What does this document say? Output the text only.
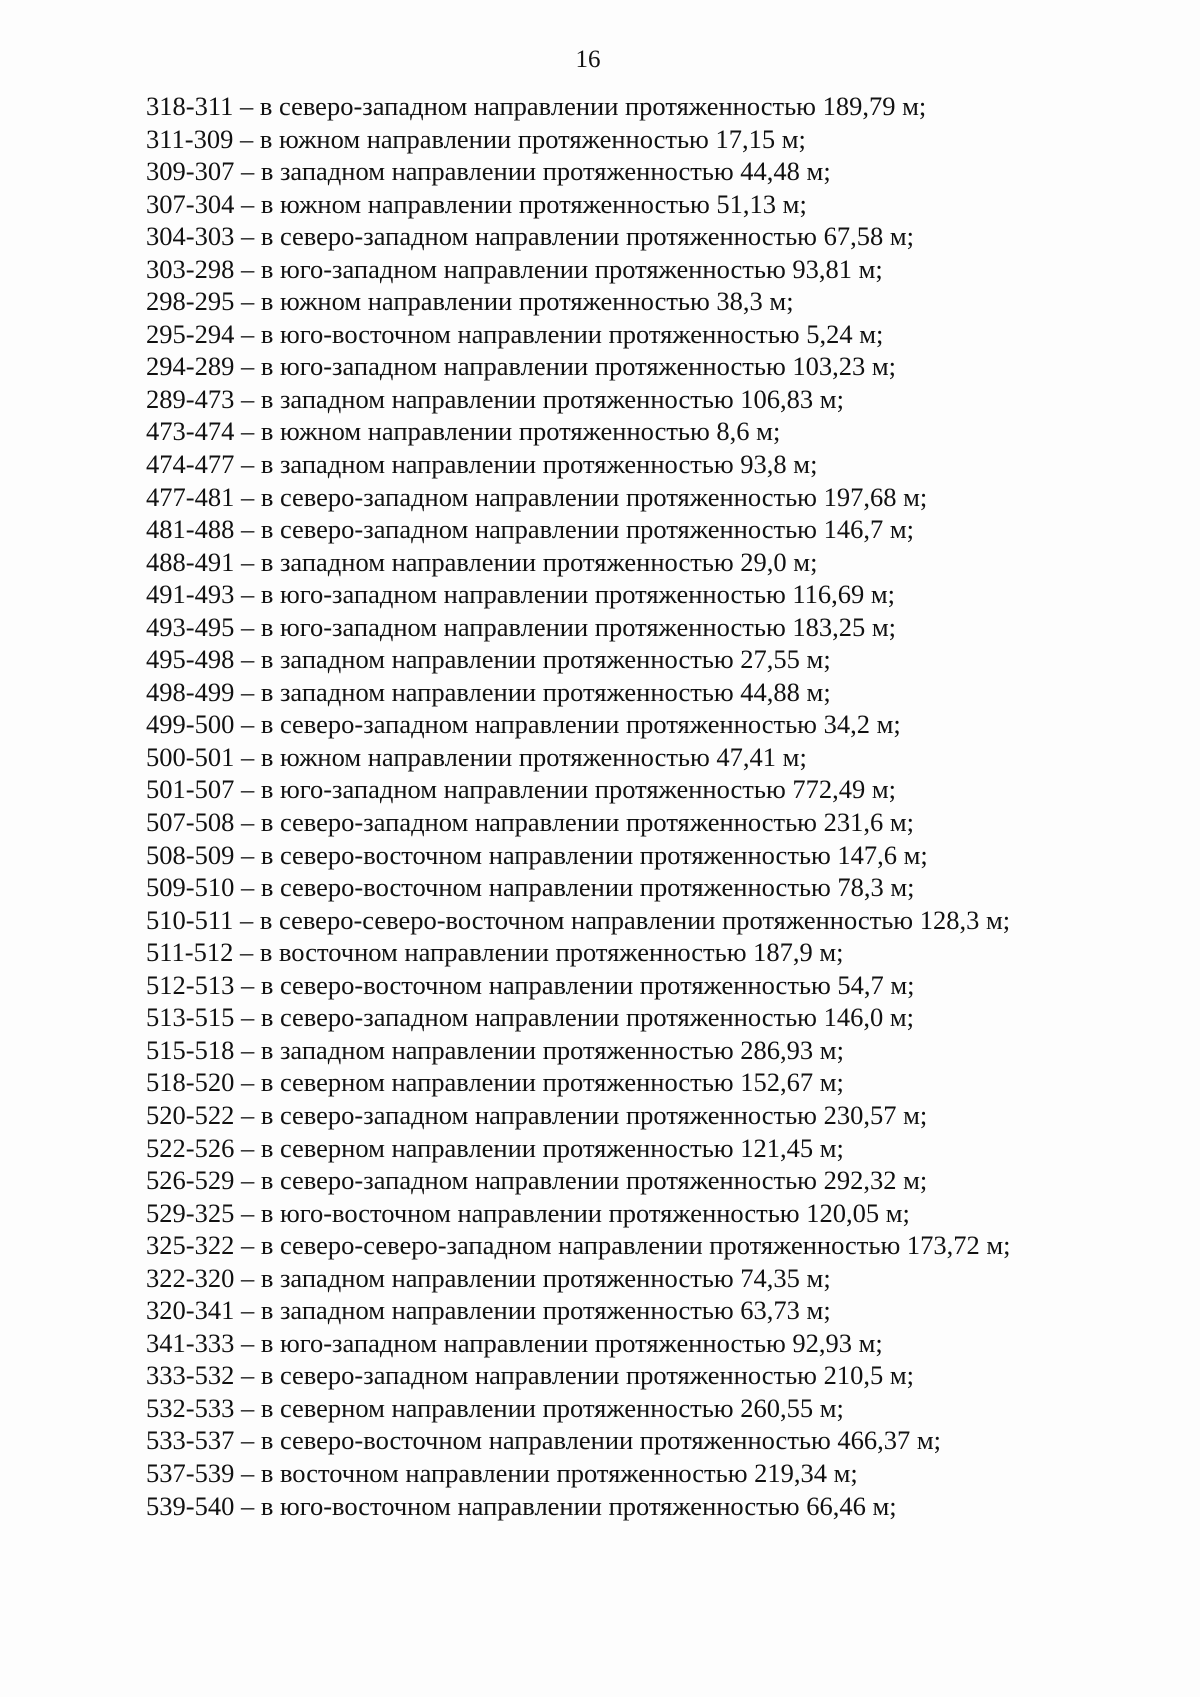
16
318-311 – в северо-западном направлении протяженностью 189,79 м;
311-309 – в южном направлении протяженностью 17,15 м;
309-307 – в западном направлении протяженностью 44,48 м;
307-304 – в южном направлении протяженностью 51,13 м;
304-303 – в северо-западном направлении протяженностью 67,58 м;
303-298 – в юго-западном направлении протяженностью 93,81 м;
298-295 – в южном направлении протяженностью 38,3 м;
295-294 – в юго-восточном направлении протяженностью 5,24 м;
294-289 – в юго-западном направлении протяженностью 103,23 м;
289-473 – в западном направлении протяженностью 106,83 м;
473-474 – в южном направлении протяженностью 8,6 м;
474-477 – в западном направлении протяженностью 93,8 м;
477-481 – в северо-западном направлении протяженностью 197,68 м;
481-488 – в северо-западном направлении протяженностью 146,7 м;
488-491 – в западном направлении протяженностью 29,0 м;
491-493 – в юго-западном направлении протяженностью 116,69 м;
493-495 – в юго-западном направлении протяженностью 183,25 м;
495-498 – в западном направлении протяженностью 27,55 м;
498-499 – в западном направлении протяженностью 44,88 м;
499-500 – в северо-западном направлении протяженностью 34,2 м;
500-501 – в южном направлении протяженностью 47,41 м;
501-507 – в юго-западном направлении протяженностью 772,49 м;
507-508 – в северо-западном направлении протяженностью 231,6 м;
508-509 – в северо-восточном направлении протяженностью 147,6 м;
509-510 – в северо-восточном направлении протяженностью 78,3 м;
510-511 – в северо-северо-восточном направлении протяженностью 128,3 м;
511-512 – в восточном направлении протяженностью 187,9 м;
512-513 – в северо-восточном направлении протяженностью 54,7 м;
513-515 – в северо-западном направлении протяженностью 146,0 м;
515-518 – в западном направлении протяженностью 286,93 м;
518-520 – в северном направлении протяженностью 152,67 м;
520-522 – в северо-западном направлении протяженностью 230,57 м;
522-526 – в северном направлении протяженностью 121,45 м;
526-529 – в северо-западном направлении протяженностью 292,32 м;
529-325 – в юго-восточном направлении протяженностью 120,05 м;
325-322 – в северо-северо-западном направлении протяженностью 173,72 м;
322-320 – в западном направлении протяженностью 74,35 м;
320-341 – в западном направлении протяженностью 63,73 м;
341-333 – в юго-западном направлении протяженностью 92,93 м;
333-532 – в северо-западном направлении протяженностью 210,5 м;
532-533 – в северном направлении протяженностью 260,55 м;
533-537 – в северо-восточном направлении протяженностью 466,37 м;
537-539 – в восточном направлении протяженностью 219,34 м;
539-540 – в юго-восточном направлении протяженностью 66,46 м;
